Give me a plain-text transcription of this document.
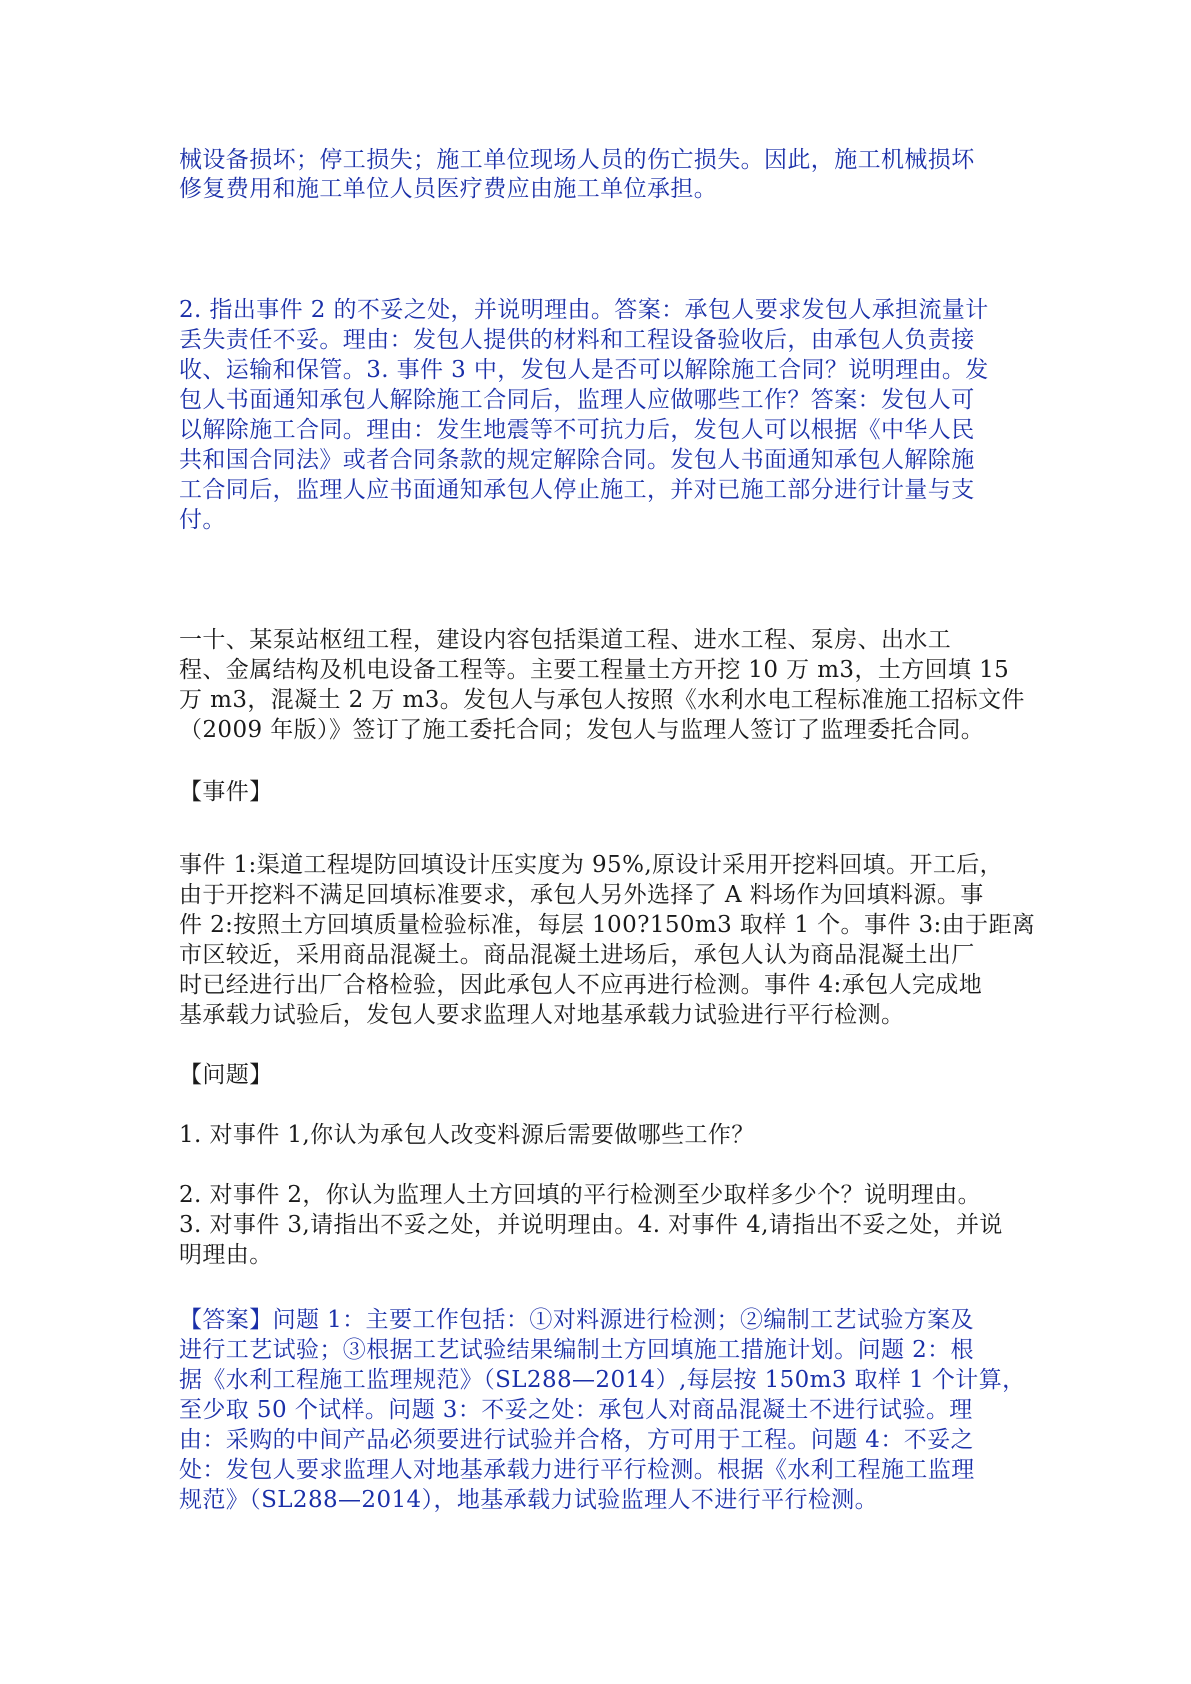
械设备损坏；停工损失；施工单位现场人员的伤亡损失。因此，施工机械损坏
修复费用和施工单位人员医疗费应由施工单位承担。
2. 指出事件 2 的不妥之处，并说明理由。答案：承包人要求发包人承担流量计
丢失责任不妥。理由：发包人提供的材料和工程设备验收后，由承包人负责接
收、运输和保管。3. 事件 3 中，发包人是否可以解除施工合同？说明理由。发
包人书面通知承包人解除施工合同后，监理人应做哪些工作？答案：发包人可
以解除施工合同。理由：发生地震等不可抗力后，发包人可以根据《中华人民
共和国合同法》或者合同条款的规定解除合同。发包人书面通知承包人解除施
工合同后，监理人应书面通知承包人停止施工，并对已施工部分进行计量与支
付。
一十、某泵站枢纽工程，建设内容包括渠道工程、进水工程、泵房、出水工
程、金属结构及机电设备工程等。主要工程量土方开挖 10 万 m3，土方回填 15
万 m3，混凝土 2 万 m3。发包人与承包人按照《水利水电工程标准施工招标文件
（2009 年版）》签订了施工委托合同；发包人与监理人签订了监理委托合同。
【事件】
事件 1:渠道工程堤防回填设计压实度为 95%,原设计采用开挖料回填。开工后，
由于开挖料不满足回填标准要求，承包人另外选择了 A 料场作为回填料源。事
件 2:按照土方回填质量检验标准，每层 100?150m3 取样 1 个。事件 3:由于距离
市区较近，采用商品混凝土。商品混凝土进场后，承包人认为商品混凝土出厂
时已经进行出厂合格检验，因此承包人不应再进行检测。事件 4:承包人完成地
基承载力试验后，发包人要求监理人对地基承载力试验进行平行检测。
【问题】
1. 对事件 1,你认为承包人改变料源后需要做哪些工作？
2. 对事件 2，你认为监理人土方回填的平行检测至少取样多少个？说明理由。
3. 对事件 3,请指出不妥之处，并说明理由。4. 对事件 4,请指出不妥之处，并说
明理由。
【答案】问题 1：主要工作包括：①对料源进行检测；②编制工艺试验方案及
进行工艺试验；③根据工艺试验结果编制土方回填施工措施计划。问题 2：根
据《水利工程施工监理规范》（SL288—2014）,每层按 150m3 取样 1 个计算，
至少取 50 个试样。问题 3：不妥之处：承包人对商品混凝土不进行试验。理
由：采购的中间产品必须要进行试验并合格，方可用于工程。问题 4：不妥之
处：发包人要求监理人对地基承载力进行平行检测。根据《水利工程施工监理
规范》（SL288—2014），地基承载力试验监理人不进行平行检测。
